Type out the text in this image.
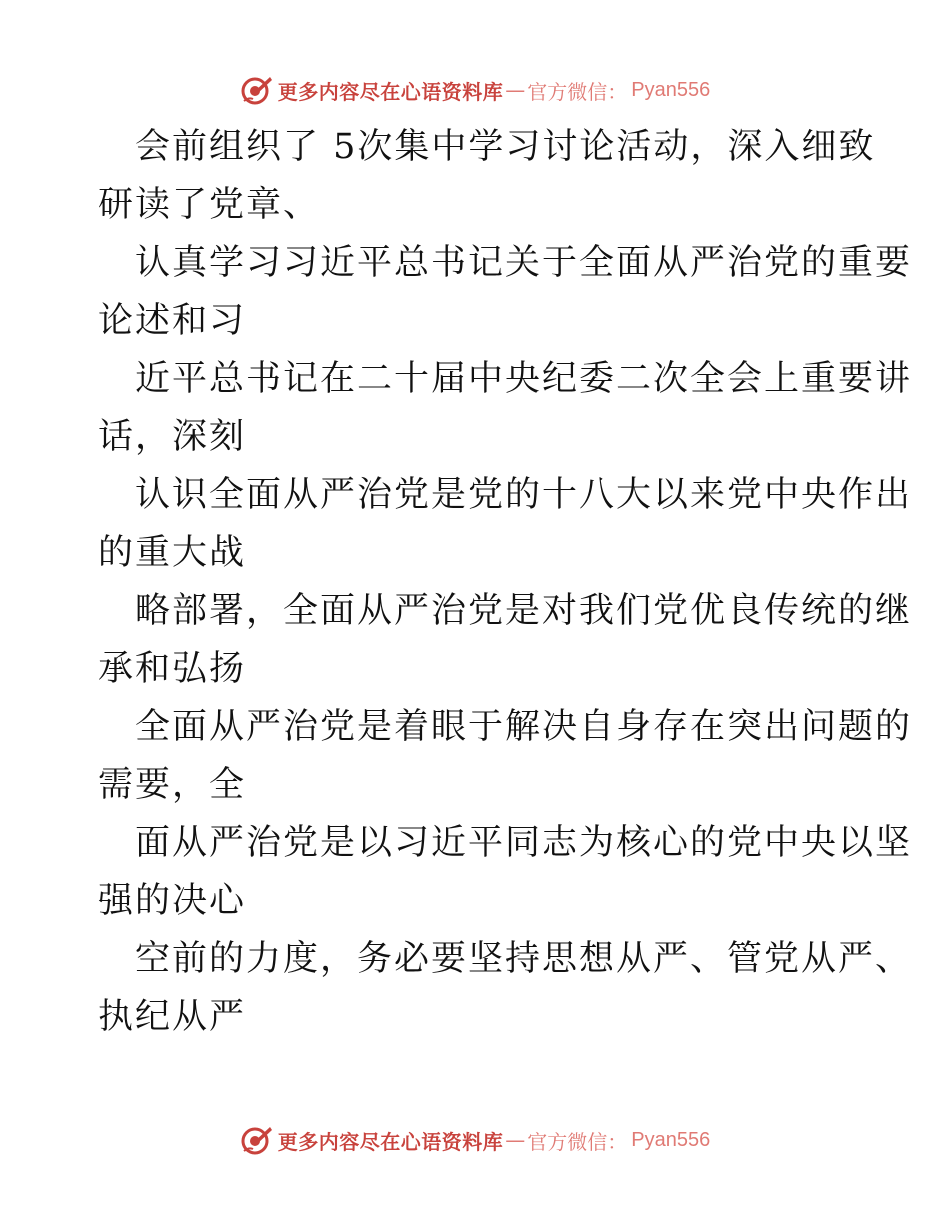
更多内容尽在心语资料库 — 官方微信： Pyan556

会前组织了 5次集中学习讨论活动，深入细致
研读了党章、

认真学习习近平总书记关于全面从严治党的重要
论述和习

近平总书记在二十届中央纪委二次全会上重要讲
话，深刻

认识全面从严治党是党的十八大以来党中央作出
的重大战

略部署，全面从严治党是对我们党优良传统的继
承和弘扬

全面从严治党是着眼于解决自身存在突出问题的
需要，全

面从严治党是以习近平同志为核心的党中央以坚
强的决心

空前的力度，务必要坚持思想从严、管党从严、
执纪从严

更多内容尽在心语资料库 — 官方微信： Pyan556
